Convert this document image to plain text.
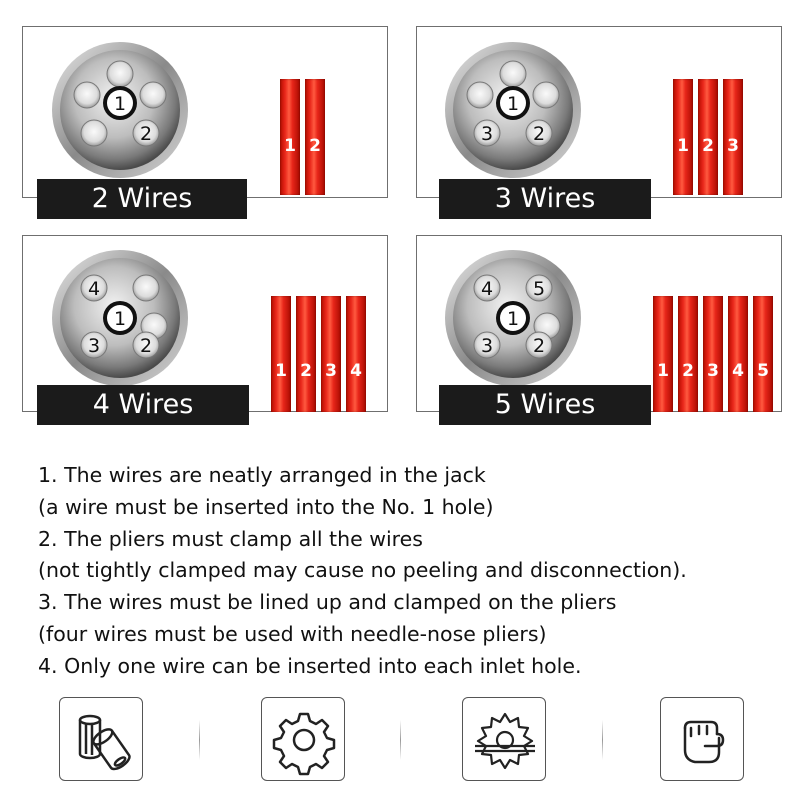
1
2
1 2
2 Wires
1
2
3
1 2 3
3 Wires
1
2
3
4
1 2 3 4
4 Wires
1
2
3
4 5
1 2 3 4 5
5 Wires
1. The wires are neatly arranged in the jack
(a wire must be inserted into the No. 1 hole)
2. The pliers must clamp all the wires
(not tightly clamped may cause no peeling and disconnection).
3. The wires must be lined up and clamped on the pliers
(four wires must be used with needle-nose pliers)
4. Only one wire can be inserted into each inlet hole.
